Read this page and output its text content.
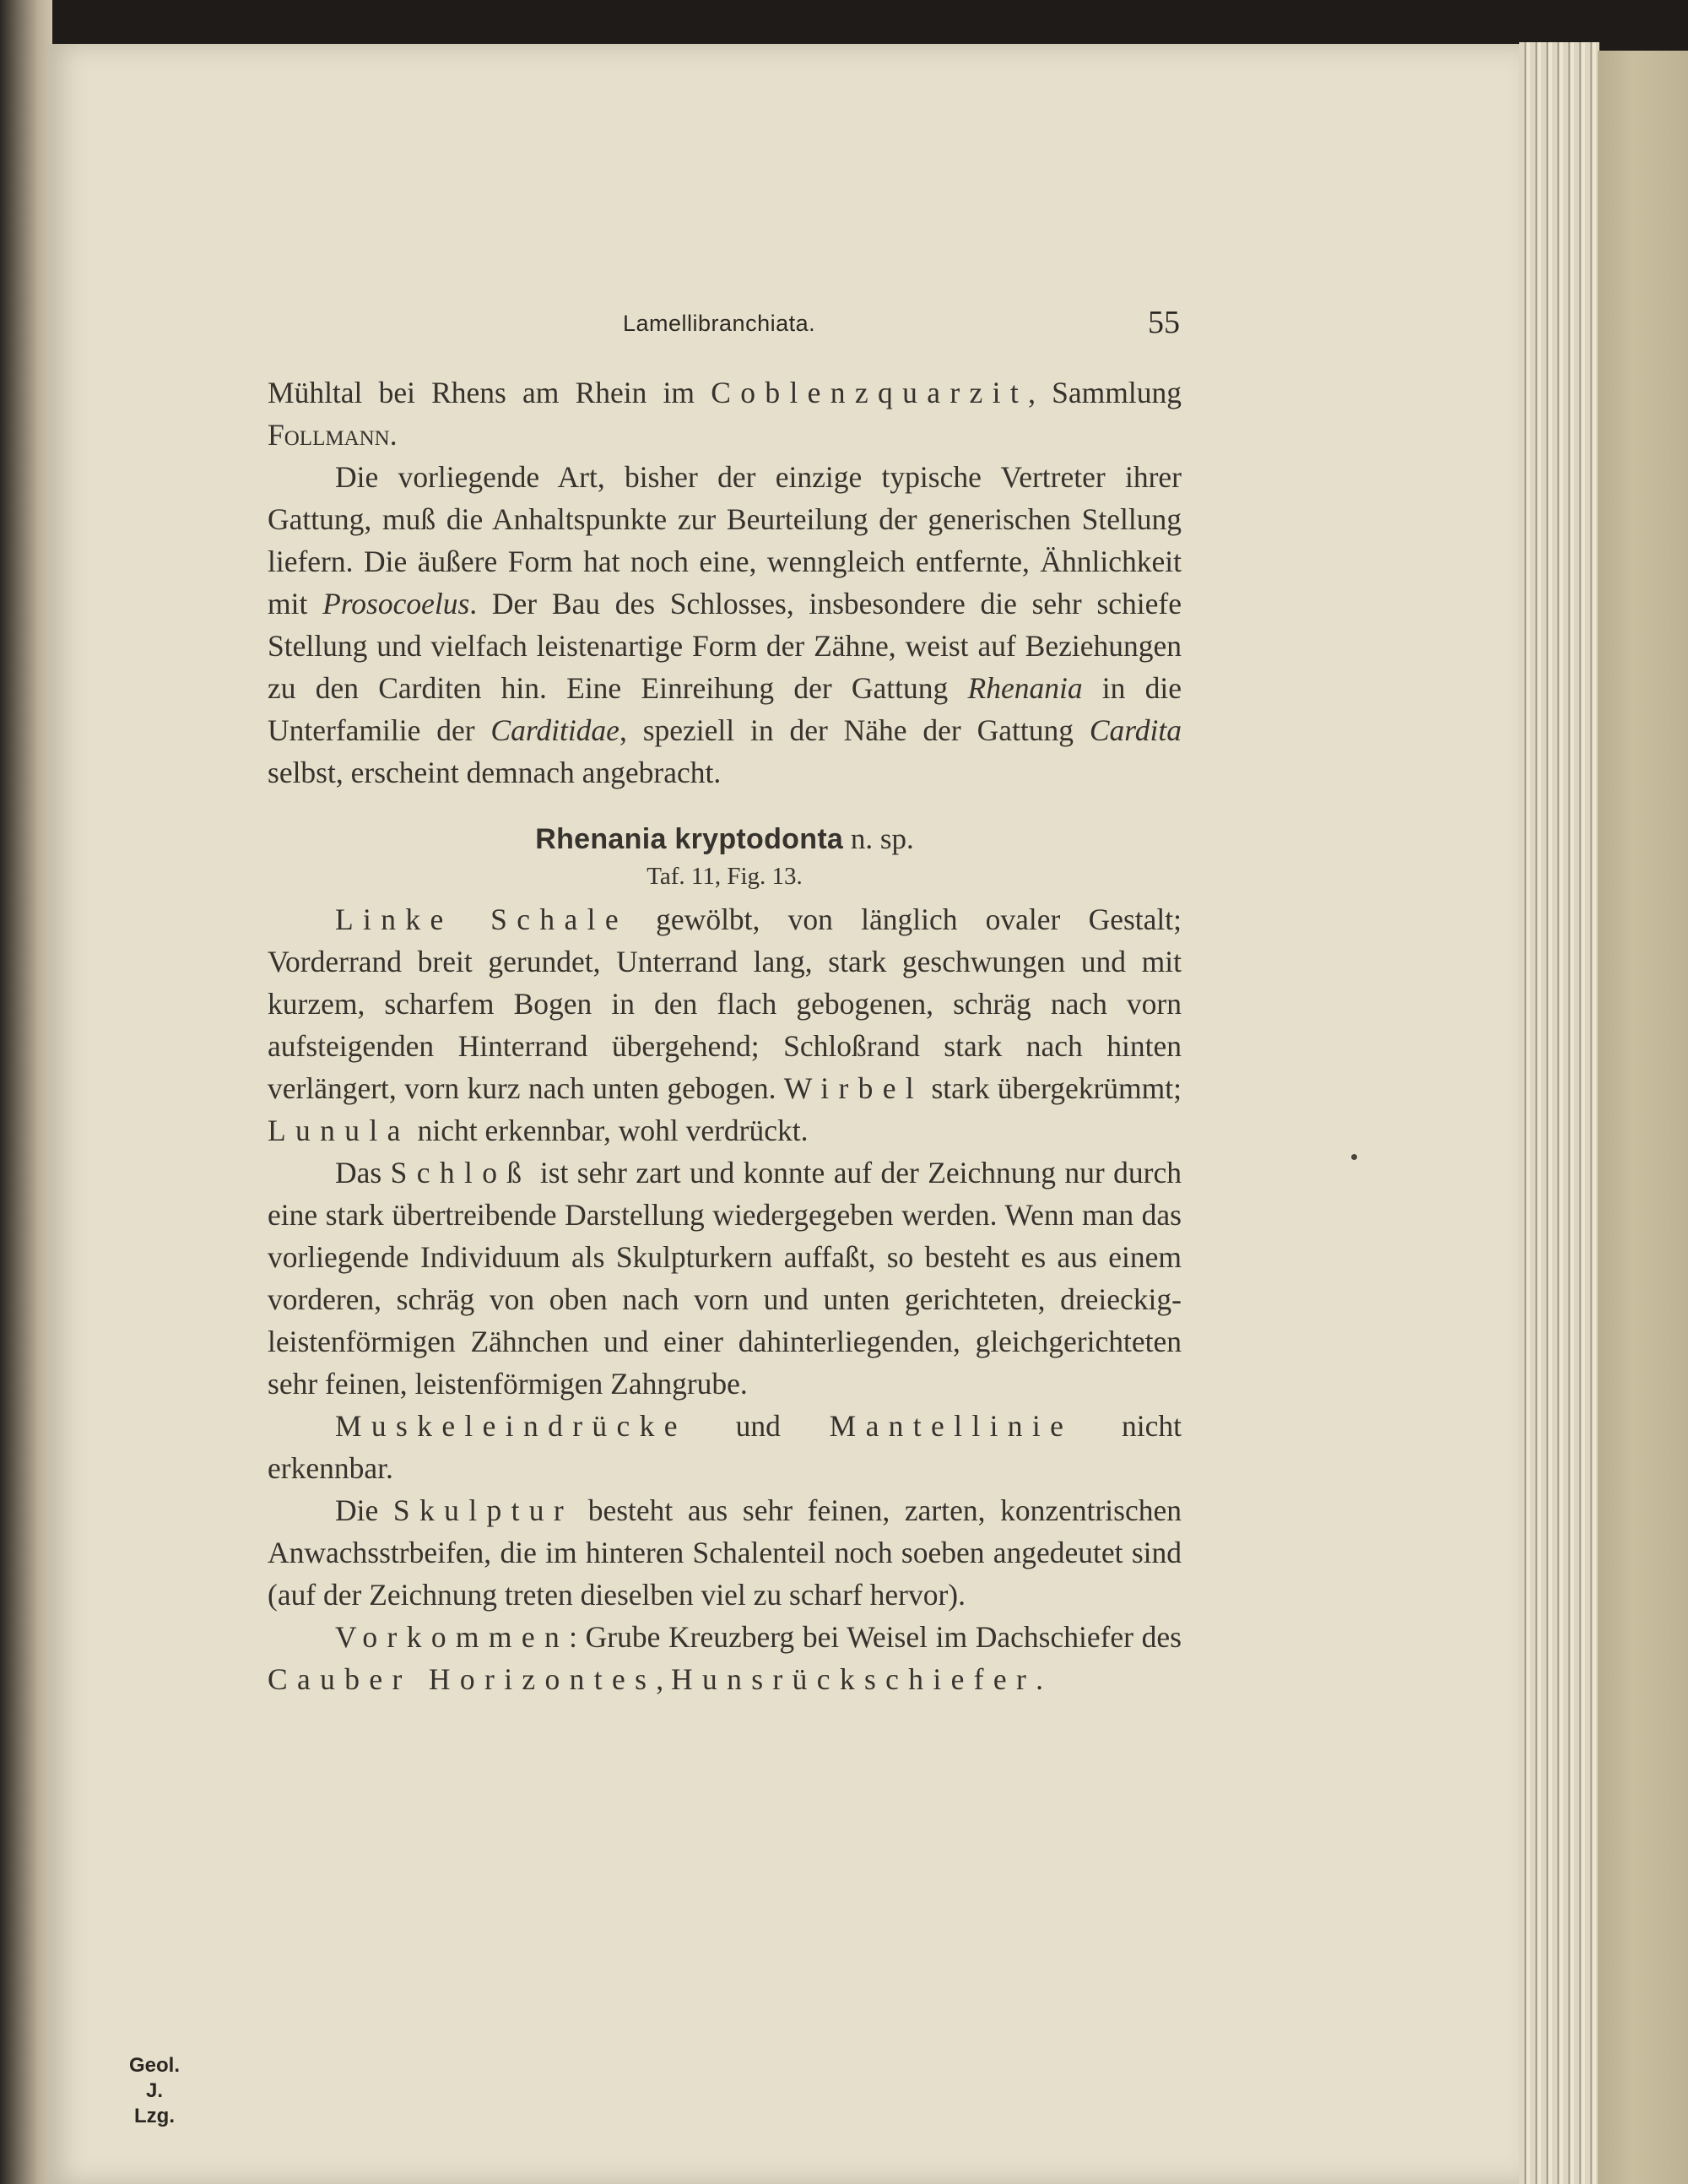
Lamellibranchiata.	55

Mühltal bei Rhens am Rhein im Coblenzquarzit, Sammlung Follmann.

Die vorliegende Art, bisher der einzige typische Vertreter ihrer Gattung, muß die Anhaltspunkte zur Beurteilung der generischen Stellung liefern. Die äußere Form hat noch eine, wenngleich entfernte, Ähnlichkeit mit Prosocoelus. Der Bau des Schlosses, insbesondere die sehr schiefe Stellung und vielfach leistenartige Form der Zähne, weist auf Beziehungen zu den Carditen hin. Eine Einreihung der Gattung Rhenania in die Unterfamilie der Carditidae, speziell in der Nähe der Gattung Cardita selbst, erscheint demnach angebracht.

Rhenania kryptodonta n. sp.
Taf. 11, Fig. 13.

Linke Schale gewölbt, von länglich ovaler Gestalt; Vorderrand breit gerundet, Unterrand lang, stark geschwungen und mit kurzem, scharfem Bogen in den flach gebogenen, schräg nach vorn aufsteigenden Hinterrand übergehend; Schloßrand stark nach hinten verlängert, vorn kurz nach unten gebogen. Wirbel stark übergekrümmt; Lunula nicht erkennbar, wohl verdrückt.

Das Schloß ist sehr zart und konnte auf der Zeichnung nur durch eine stark übertreibende Darstellung wiedergegeben werden. Wenn man das vorliegende Individuum als Skulpturkern auffaßt, so besteht es aus einem vorderen, schräg von oben nach vorn und unten gerichteten, dreieckig-leistenförmigen Zähnchen und einer dahinterliegenden, gleichgerichteten sehr feinen, leistenförmigen Zahngrube.

Muskeleindrücke und Mantellinie nicht erkennbar.

Die Skulptur besteht aus sehr feinen, zarten, konzentrischen Anwachsstrbeifen, die im hinteren Schalenteil noch soeben angedeutet sind (auf der Zeichnung treten dieselben viel zu scharf hervor).

Vorkommen: Grube Kreuzberg bei Weisel im Dachschiefer des Cauber Horizontes, Hunsrückschiefer.

Geol. J.
Lzg.
